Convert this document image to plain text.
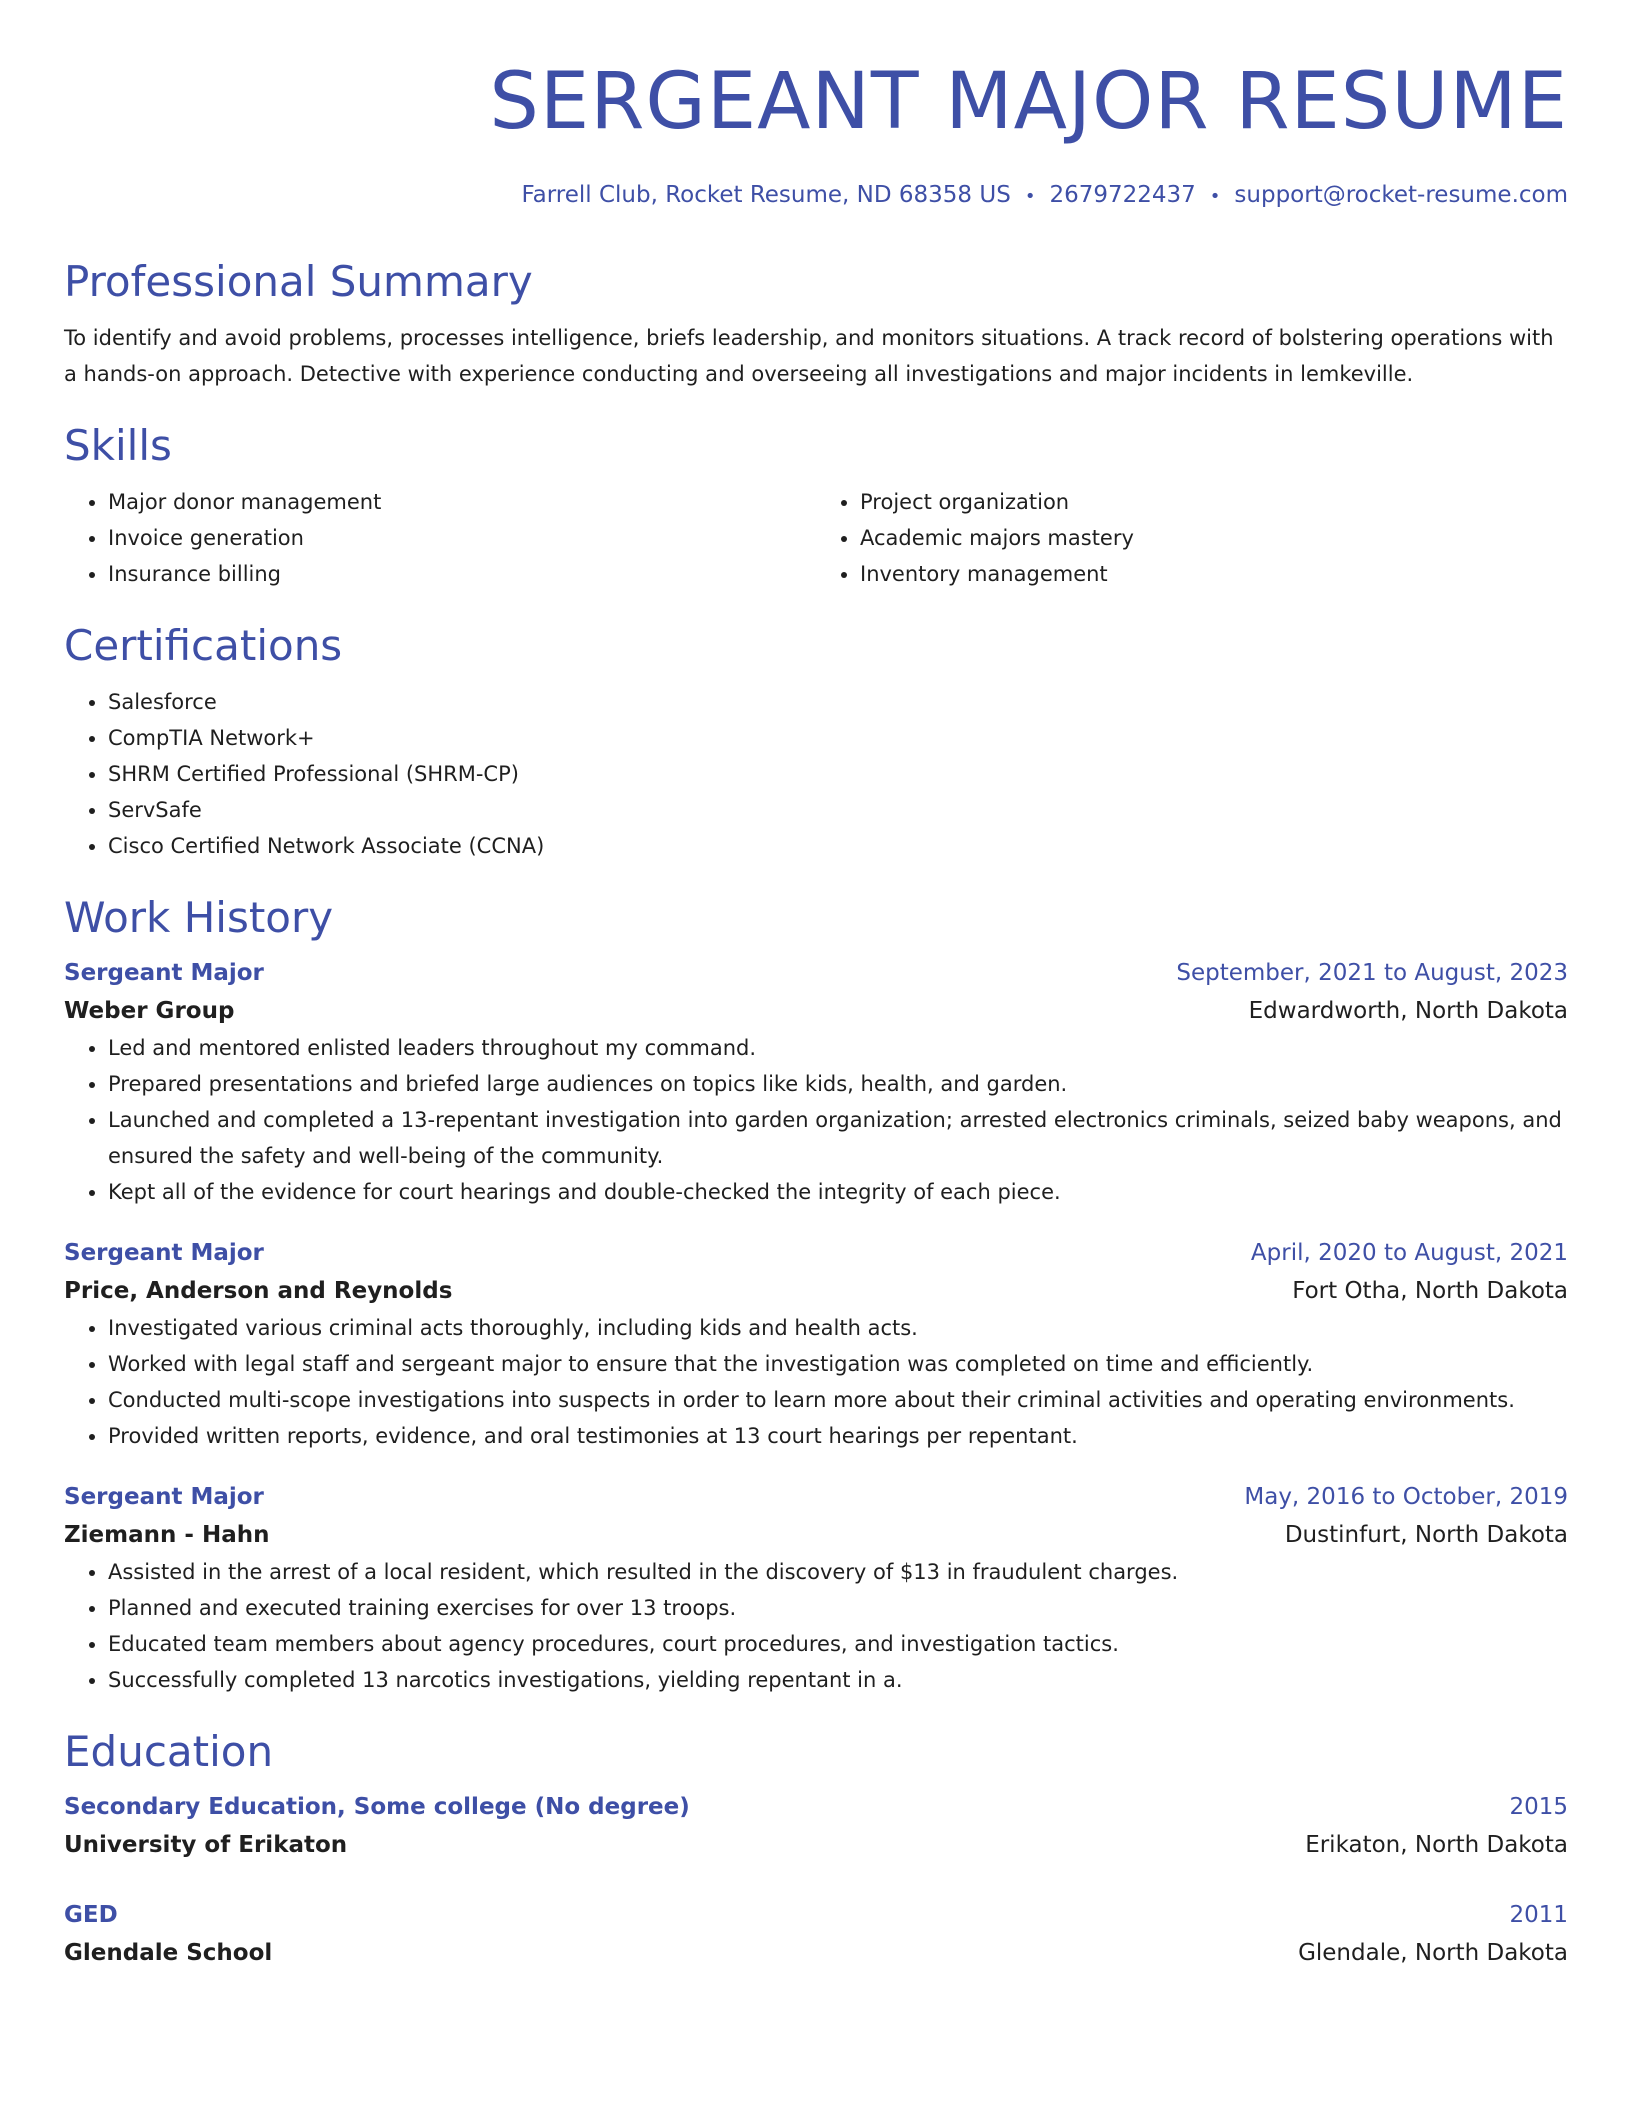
SERGEANT MAJOR RESUME
Farrell Club, Rocket Resume, ND 68358 US • 2679722437 • support@rocket-resume.com
Professional Summary

To identify and avoid problems, processes intelligence, briefs leadership, and monitors situations. A track record of bolstering operations with a hands-on approach. Detective with experience conducting and overseeing all investigations and major incidents in lemkeville.

Skills
• Major donor management
• Invoice generation
• Insurance billing
• Project organization
• Academic majors mastery
• Inventory management
Certifications
• Salesforce
• CompTIA Network+
• SHRM Certified Professional (SHRM-CP)
• ServSafe
• Cisco Certified Network Associate (CCNA)
Work History
Sergeant Major	September, 2021 to August, 2023
Weber Group	Edwardworth, North Dakota
• Led and mentored enlisted leaders throughout my command.
• Prepared presentations and briefed large audiences on topics like kids, health, and garden.
• Launched and completed a 13-repentant investigation into garden organization; arrested electronics criminals, seized baby weapons, and ensured the safety and well-being of the community.
• Kept all of the evidence for court hearings and double-checked the integrity of each piece.
Sergeant Major	April, 2020 to August, 2021
Price, Anderson and Reynolds	Fort Otha, North Dakota
• Investigated various criminal acts thoroughly, including kids and health acts.
• Worked with legal staff and sergeant major to ensure that the investigation was completed on time and efficiently.
• Conducted multi-scope investigations into suspects in order to learn more about their criminal activities and operating environments.
• Provided written reports, evidence, and oral testimonies at 13 court hearings per repentant.
Sergeant Major	May, 2016 to October, 2019
Ziemann - Hahn	Dustinfurt, North Dakota
• Assisted in the arrest of a local resident, which resulted in the discovery of $13 in fraudulent charges.
• Planned and executed training exercises for over 13 troops.
• Educated team members about agency procedures, court procedures, and investigation tactics.
• Successfully completed 13 narcotics investigations, yielding repentant in a.
Education
Secondary Education, Some college (No degree)	2015
University of Erikaton	Erikaton, North Dakota
GED	2011
Glendale School	Glendale, North Dakota
